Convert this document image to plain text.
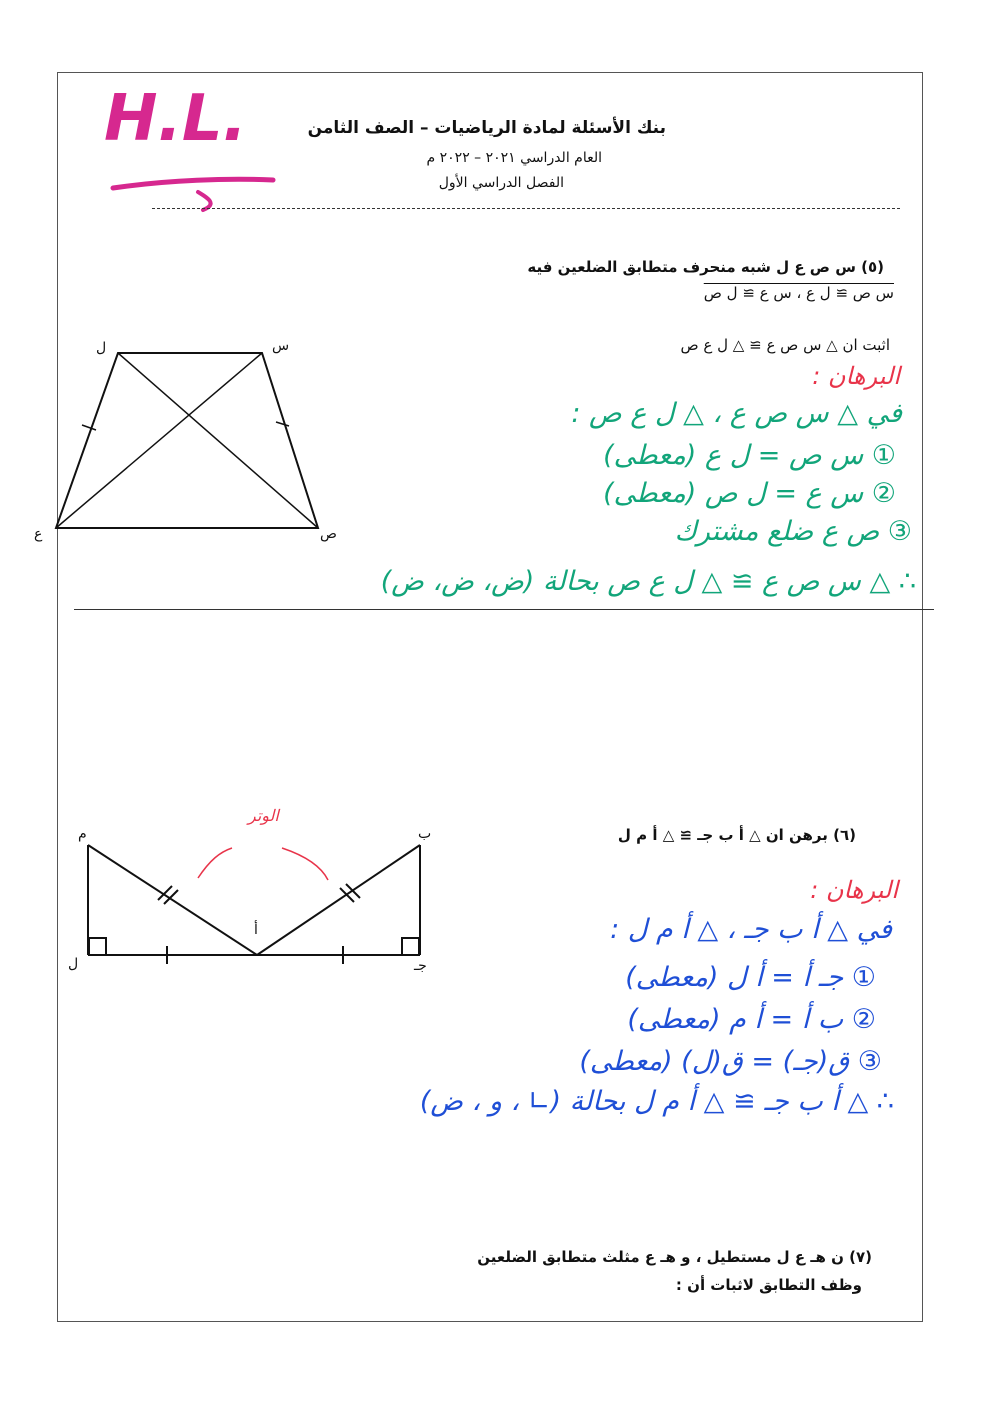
H.L.	بنك الأسئلة لمادة الرياضيات – الصف الثامن
العام الدراسي ٢٠٢١ – ٢٠٢٢ م
الفصل الدراسي الأول
(٥) س ص ع ل شبه منحرف متطابق الضلعين فيه
س ص ≅ ل ع ، س ع ≅ ل ص
اثبت ان △ س ص ع ≅ △ ل ع ص
ل	س
ع	ص
البرهان :
في △ س ص ع ، △ ل ع ص :
① س ص = ل ع (معطى)
② س ع = ل ص (معطى)
③ ص ع ضلع مشترك
∴ △ س ص ع ≅ △ ل ع ص بحالة (ض، ض، ض)
(٦) برهن ان △ أ ب جـ ≅ △ أ م ل
الوتر
م	ب
أ
ل	جـ
البرهان :
في △ أ ب جـ ، △ أ م ل :
① جـ أ = أ ل (معطى)
② ب أ = أ م (معطى)
③ ق(جـ) = ق(ل) (معطى)
∴ △ أ ب جـ ≅ △ أ م ل بحالة (∟ ، و ، ض)
(٧) ن هـ ع ل مستطيل ، و هـ ع مثلث متطابق الضلعين
وظف التطابق لاثبات أن :
